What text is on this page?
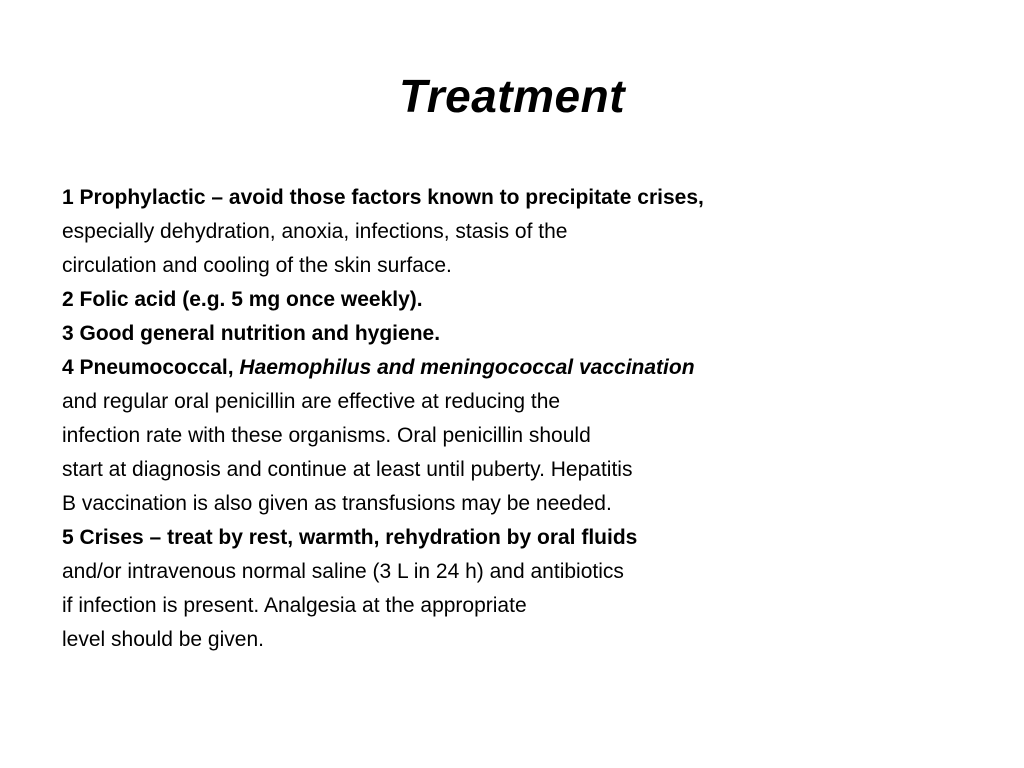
Treatment
1 Prophylactic – avoid those factors known to precipitate crises,
especially dehydration, anoxia, infections, stasis of the
circulation and cooling of the skin surface.
2 Folic acid (e.g. 5 mg once weekly).
3 Good general nutrition and hygiene.
4 Pneumococcal, Haemophilus and meningococcal vaccination
and regular oral penicillin are effective at reducing the
infection rate with these organisms. Oral penicillin should
start at diagnosis and continue at least until puberty. Hepatitis
B vaccination is also given as transfusions may be needed.
5 Crises – treat by rest, warmth, rehydration by oral fluids
and/or intravenous normal saline (3 L in 24 h) and antibiotics
if infection is present. Analgesia at the appropriate
level should be given.
